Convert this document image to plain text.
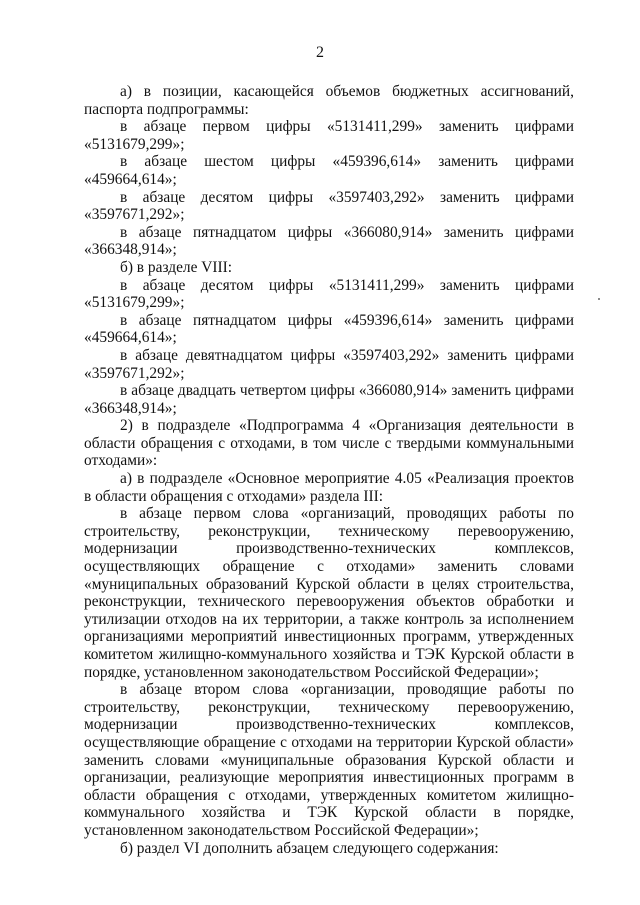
2

а) в позиции, касающейся объемов бюджетных ассигнований, паспорта подпрограммы:

в абзаце первом цифры «5131411,299» заменить цифрами «5131679,299»;

в абзаце шестом цифры «459396,614» заменить цифрами «459664,614»;

в абзаце десятом цифры «3597403,292» заменить цифрами «3597671,292»;

в абзаце пятнадцатом цифры «366080,914» заменить цифрами «366348,914»;

б) в разделе VIII:

в абзаце десятом цифры «5131411,299» заменить цифрами «5131679,299»;

в абзаце пятнадцатом цифры «459396,614» заменить цифрами «459664,614»;

в абзаце девятнадцатом цифры «3597403,292» заменить цифрами «3597671,292»;

в абзаце двадцать четвертом цифры «366080,914» заменить цифрами «366348,914»;

2) в подразделе «Подпрограмма 4 «Организация деятельности в области обращения с отходами, в том числе с твердыми коммунальными отходами»:

а) в подразделе «Основное мероприятие 4.05 «Реализация проектов в области обращения с отходами» раздела III:

в абзаце первом слова «организаций, проводящих работы по строительству, реконструкции, техническому перевооружению, модернизации производственно-технических комплексов, осуществляющих обращение с отходами» заменить словами «муниципальных образований Курской области в целях строительства, реконструкции, технического перевооружения объектов обработки и утилизации отходов на их территории, а также контроль за исполнением организациями мероприятий инвестиционных программ, утвержденных комитетом жилищно-коммунального хозяйства и ТЭК Курской области в порядке, установленном законодательством Российской Федерации»;

в абзаце втором слова «организации, проводящие работы по строительству, реконструкции, техническому перевооружению, модернизации производственно-технических комплексов, осуществляющие обращение с отходами на территории Курской области» заменить словами «муниципальные образования Курской области и организации, реализующие мероприятия инвестиционных программ в области обращения с отходами, утвержденных комитетом жилищно-коммунального хозяйства и ТЭК Курской области в порядке, установленном законодательством Российской Федерации»;

б) раздел VI дополнить абзацем следующего содержания:
